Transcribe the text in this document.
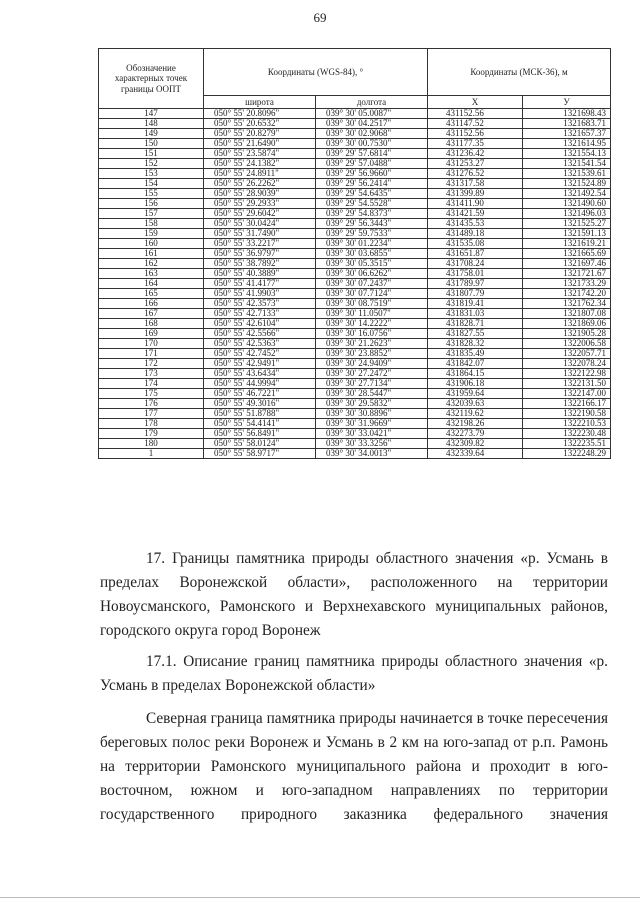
69
Обозначение характерных точек границы ООПТ	Координаты (WGS-84), °		Координаты (МСК-36), м	
	широта	долгота	X	У
147	050° 55' 20.8096"	039° 30' 05.0087"	431152.56	1321698.43
148	050° 55' 20.6532"	039° 30' 04.2517"	431147.52	1321683.71
149	050° 55' 20.8279"	039° 30' 02.9068"	431152.56	1321657.37
150	050° 55' 21.6490"	039° 30' 00.7530"	431177.35	1321614.95
151	050° 55' 23.5874"	039° 29' 57.6814"	431236.42	1321554.13
152	050° 55' 24.1382"	039° 29' 57.0488"	431253.27	1321541.54
153	050° 55' 24.8911"	039° 29' 56.9660"	431276.52	1321539.61
154	050° 55' 26.2262"	039° 29' 56.2414"	431317.58	1321524.89
155	050° 55' 28.9039"	039° 29' 54.6435"	431399.89	1321492.54
156	050° 55' 29.2933"	039° 29' 54.5528"	431411.90	1321490.60
157	050° 55' 29.6042"	039° 29' 54.8373"	431421.59	1321496.03
158	050° 55' 30.0424"	039° 29' 56.3443"	431435.53	1321525.27
159	050° 55' 31.7490"	039° 29' 59.7533"	431489.18	1321591.13
160	050° 55' 33.2217"	039° 30' 01.2234"	431535.08	1321619.21
161	050° 55' 36.9797"	039° 30' 03.6855"	431651.87	1321665.69
162	050° 55' 38.7892"	039° 30' 05.3515"	431708.24	1321697.46
163	050° 55' 40.3889"	039° 30' 06.6262"	431758.01	1321721.67
164	050° 55' 41.4177"	039° 30' 07.2437"	431789.97	1321733.29
165	050° 55' 41.9903"	039° 30' 07.7124"	431807.79	1321742.20
166	050° 55' 42.3573"	039° 30' 08.7519"	431819.41	1321762.34
167	050° 55' 42.7133"	039° 30' 11.0507"	431831.03	1321807.08
168	050° 55' 42.6104"	039° 30' 14.2222"	431828.71	1321869.06
169	050° 55' 42.5566"	039° 30' 16.0756"	431827.55	1321905.28
170	050° 55' 42.5363"	039° 30' 21.2623"	431828.32	1322006.58
171	050° 55' 42.7452"	039° 30' 23.8852"	431835.49	1322057.71
172	050° 55' 42.9491"	039° 30' 24.9409"	431842.07	1322078.24
173	050° 55' 43.6434"	039° 30' 27.2472"	431864.15	1322122.98
174	050° 55' 44.9994"	039° 30' 27.7134"	431906.18	1322131.50
175	050° 55' 46.7221"	039° 30' 28.5447"	431959.64	1322147.00
176	050° 55' 49.3016"	039° 30' 29.5832"	432039.63	1322166.17
177	050° 55' 51.8788"	039° 30' 30.8896"	432119.62	1322190.58
178	050° 55' 54.4141"	039° 30' 31.9669"	432198.26	1322210.53
179	050° 55' 56.8491"	039° 30' 33.0421"	432273.79	1322230.48
180	050° 55' 58.0124"	039° 30' 33.3256"	432309.82	1322235.51
1	050° 55' 58.9717"	039° 30' 34.0013"	432339.64	1322248.29
17. Границы памятника природы областного значения «р. Усмань в
пределах Воронежской области», расположенного на территории
Новоусманского, Рамонского и Верхнехавского муниципальных районов,
городского округа город Воронеж
17.1. Описание границ памятника природы областного значения «р.
Усмань в пределах Воронежской области»
Северная граница памятника природы начинается в точке пересечения
береговых полос реки Воронеж и Усмань в 2 км на юго-запад от р.п. Рамонь
на территории Рамонского муниципального района и проходит в юго-
восточном, южном и юго-западном направлениях по территории
государственного природного заказника федерального значения
